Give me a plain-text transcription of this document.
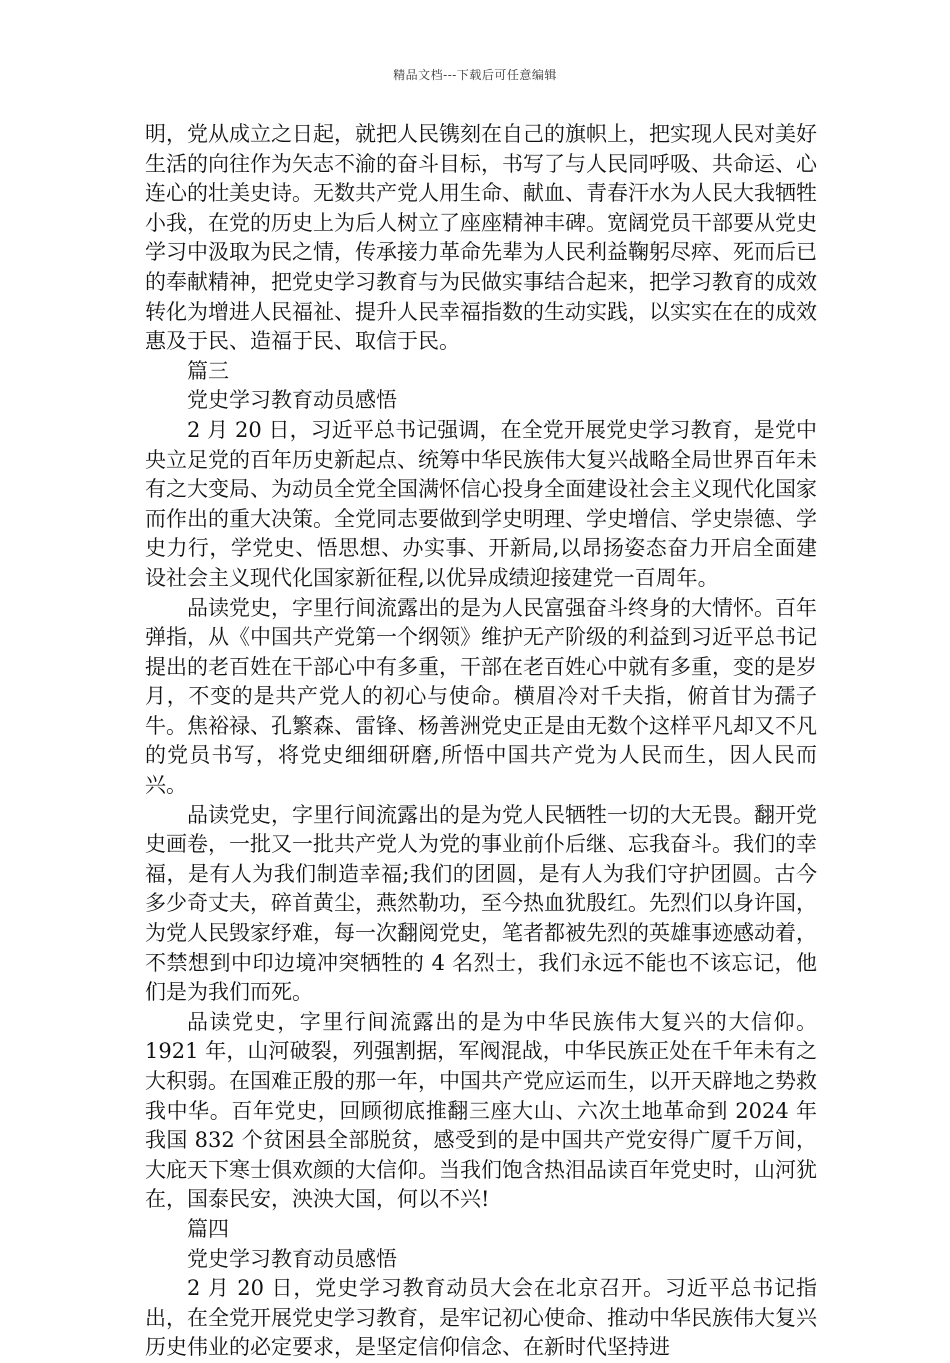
精品文档---下载后可任意编辑

明，党从成立之日起，就把人民镌刻在自己的旗帜上，把实现人民对美好生活的向往作为矢志不渝的奋斗目标，书写了与人民同呼吸、共命运、心连心的壮美史诗。无数共产党人用生命、献血、青春汗水为人民大我牺牲小我，在党的历史上为后人树立了座座精神丰碑。宽阔党员干部要从党史学习中汲取为民之情，传承接力革命先辈为人民利益鞠躬尽瘁、死而后已的奉献精神，把党史学习教育与为民做实事结合起来，把学习教育的成效转化为增进人民福祉、提升人民幸福指数的生动实践，以实实在在的成效惠及于民、造福于民、取信于民。

篇三

党史学习教育动员感悟

2 月 20 日，习近平总书记强调，在全党开展党史学习教育，是党中央立足党的百年历史新起点、统筹中华民族伟大复兴战略全局世界百年未有之大变局、为动员全党全国满怀信心投身全面建设社会主义现代化国家而作出的重大决策。全党同志要做到学史明理、学史增信、学史崇德、学史力行，学党史、悟思想、办实事、开新局,以昂扬姿态奋力开启全面建设社会主义现代化国家新征程,以优异成绩迎接建党一百周年。

品读党史，字里行间流露出的是为人民富强奋斗终身的大情怀。百年弹指，从《中国共产党第一个纲领》维护无产阶级的利益到习近平总书记提出的老百姓在干部心中有多重，干部在老百姓心中就有多重，变的是岁月，不变的是共产党人的初心与使命。横眉冷对千夫指，俯首甘为孺子牛。焦裕禄、孔繁森、雷锋、杨善洲党史正是由无数个这样平凡却又不凡的党员书写，将党史细细研磨,所悟中国共产党为人民而生，因人民而兴。

品读党史，字里行间流露出的是为党人民牺牲一切的大无畏。翻开党史画卷，一批又一批共产党人为党的事业前仆后继、忘我奋斗。我们的幸福，是有人为我们制造幸福;我们的团圆，是有人为我们守护团圆。古今多少奇丈夫，碎首黄尘，燕然勒功，至今热血犹殷红。先烈们以身许国，为党人民毁家纾难，每一次翻阅党史，笔者都被先烈的英雄事迹感动着，不禁想到中印边境冲突牺牲的 4 名烈士，我们永远不能也不该忘记，他们是为我们而死。

品读党史，字里行间流露出的是为中华民族伟大复兴的大信仰。1921 年，山河破裂，列强割据，军阀混战，中华民族正处在千年未有之大积弱。在国难正殷的那一年，中国共产党应运而生，以开天辟地之势救我中华。百年党史，回顾彻底推翻三座大山、六次土地革命到 2024 年我国 832 个贫困县全部脱贫，感受到的是中国共产党安得广厦千万间，大庇天下寒士俱欢颜的大信仰。当我们饱含热泪品读百年党史时，山河犹在，国泰民安，泱泱大国，何以不兴!

篇四

党史学习教育动员感悟

2 月 20 日，党史学习教育动员大会在北京召开。习近平总书记指出，在全党开展党史学习教育，是牢记初心使命、推动中华民族伟大复兴历史伟业的必定要求，是坚定信仰信念、在新时代坚持进
